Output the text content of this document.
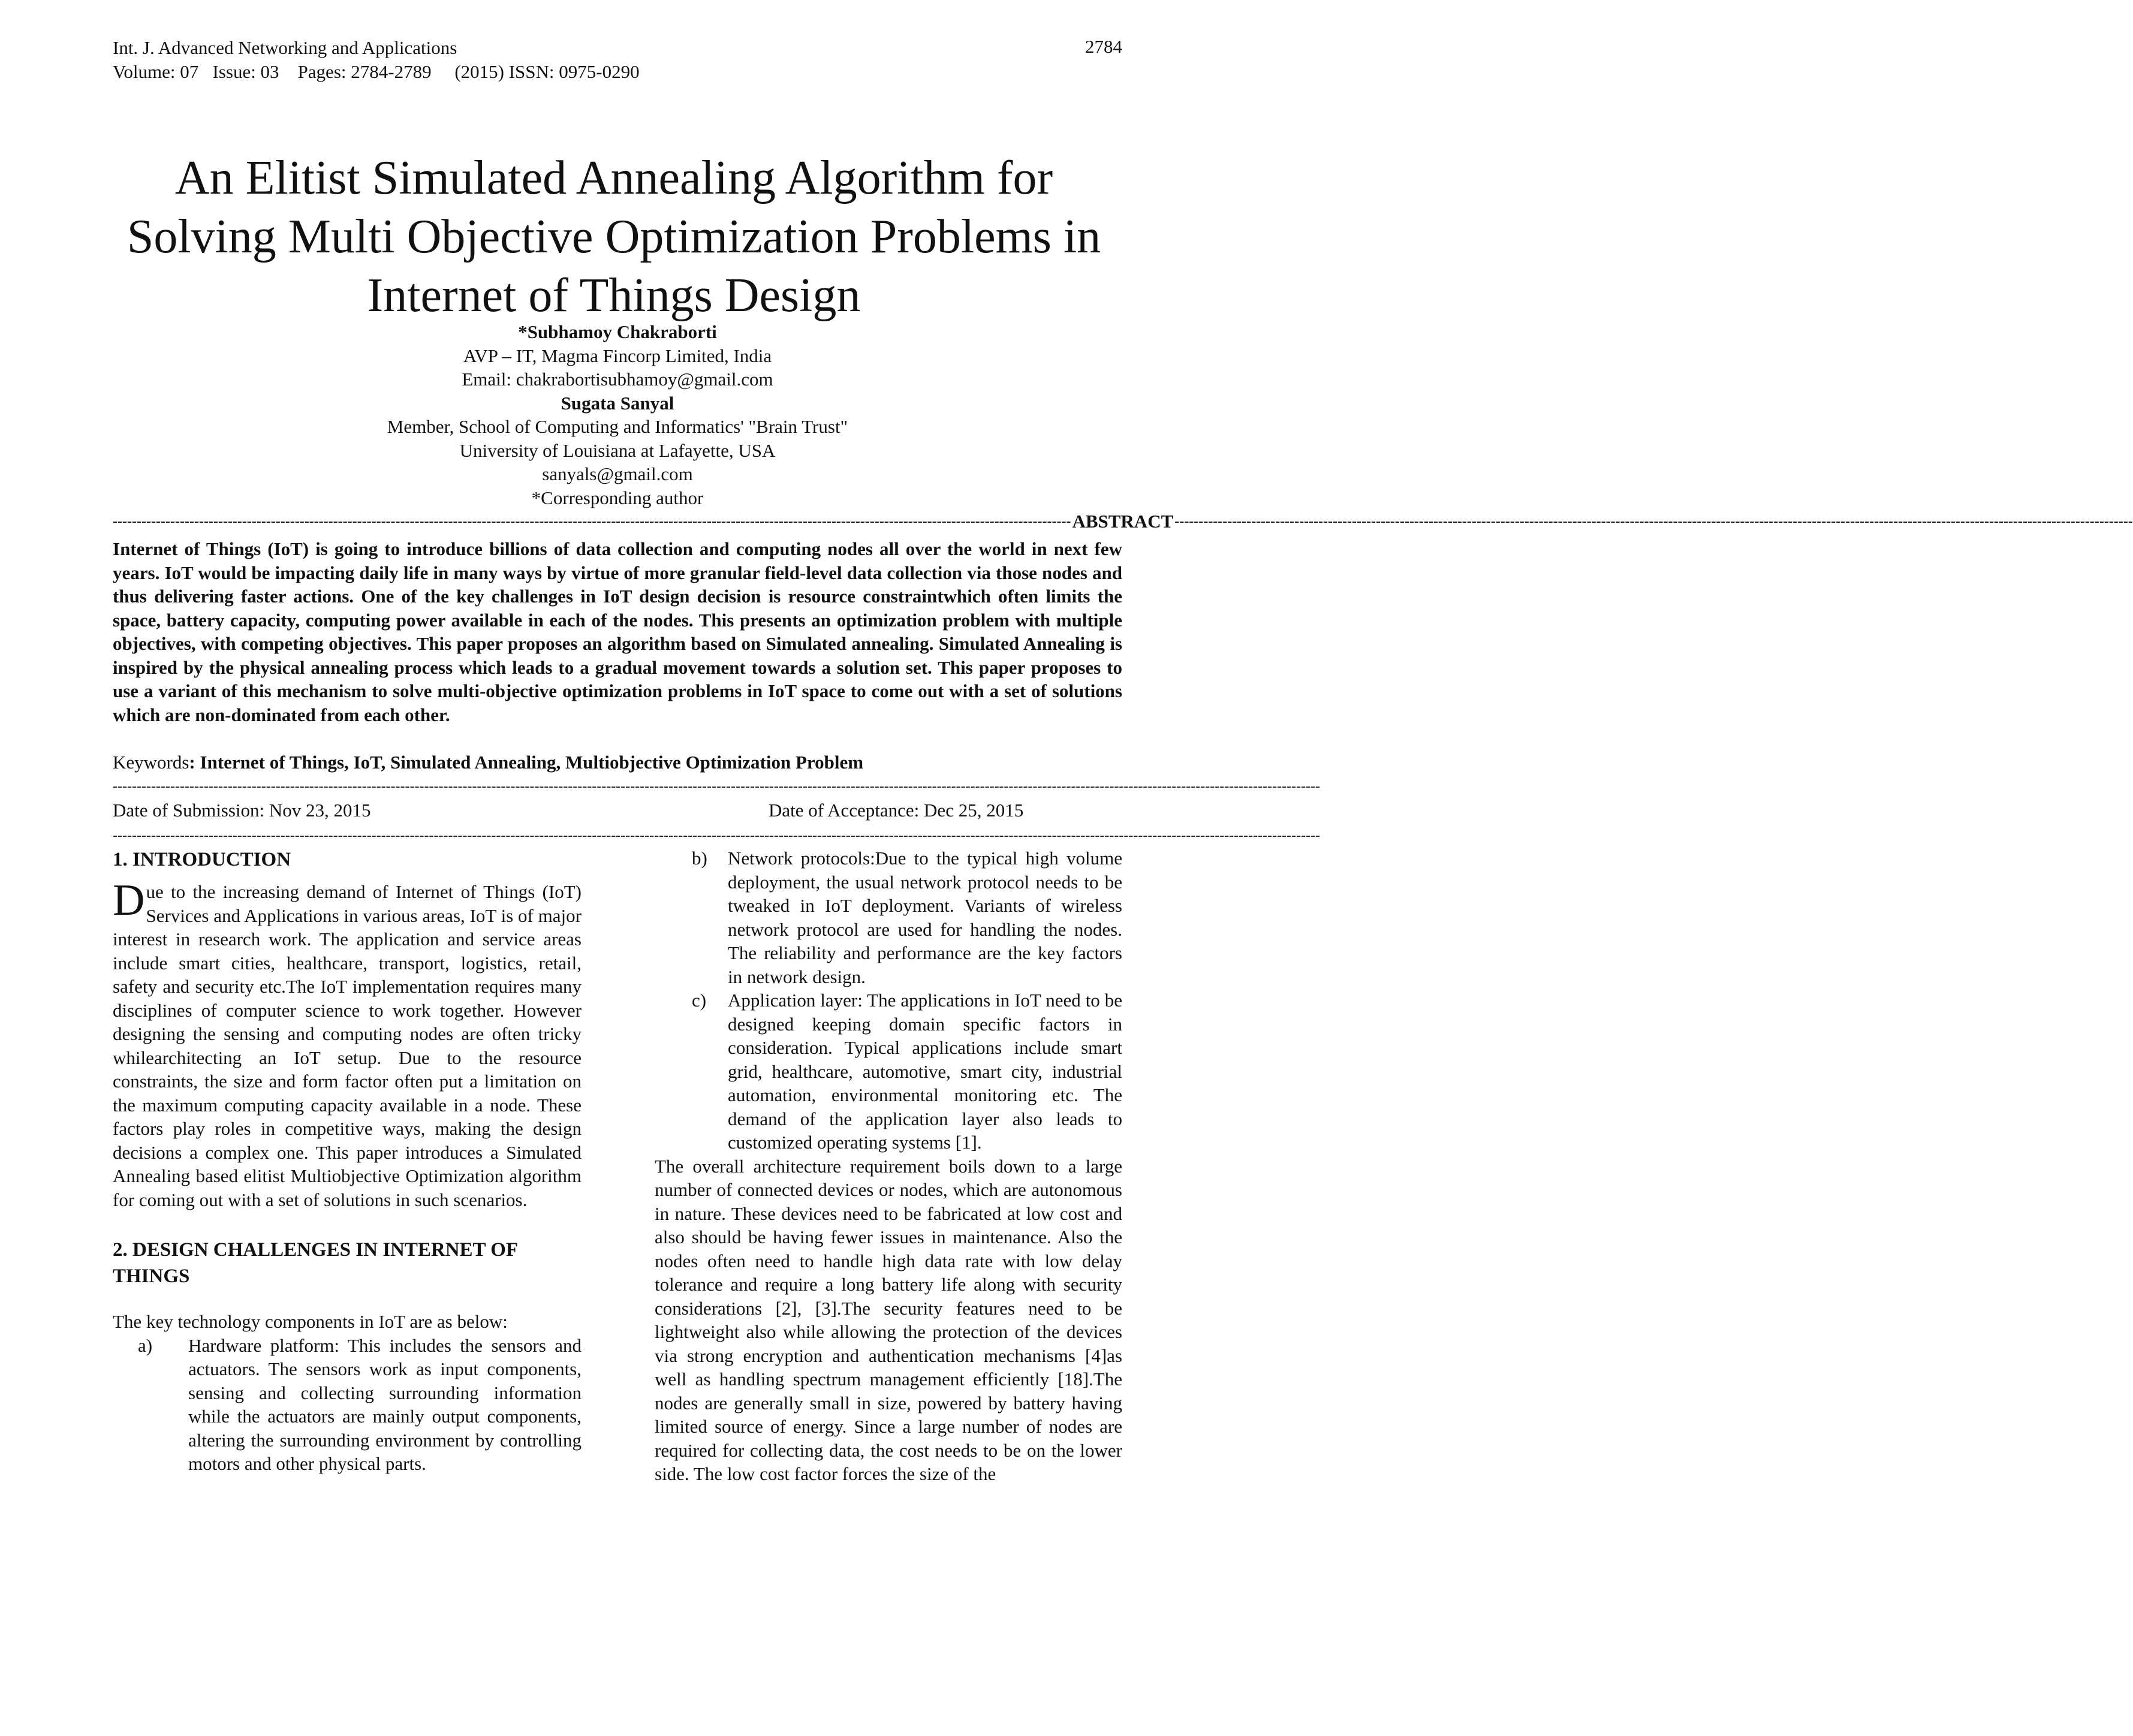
Int. J. Advanced Networking and Applications
Volume: 07   Issue: 03    Pages: 2784-2789     (2015) ISSN: 0975-0290
2784
An Elitist Simulated Annealing Algorithm for Solving Multi Objective Optimization Problems in Internet of Things Design
*Subhamoy Chakraborti
AVP – IT, Magma Fincorp Limited, India
Email: chakrabortisubhamoy@gmail.com
Sugata Sanyal
Member, School of Computing and Informatics' "Brain Trust"
University of Louisiana at Lafayette, USA
sanyals@gmail.com
*Corresponding author
-------------------------------------------------------------------------------------------------------------------------------------------------------------------------------------------------------- ABSTRACT --------------------------------------------------------------------------------------------------------------------------------------------------------------------------------------------------------
Internet of Things (IoT) is going to introduce billions of data collection and computing nodes all over the world in next few years. IoT would be impacting daily life in many ways by virtue of more granular field-level data collection via those nodes and thus delivering faster actions. One of the key challenges in IoT design decision is resource constraintwhich often limits the space, battery capacity, computing power available in each of the nodes. This presents an optimization problem with multiple objectives, with competing objectives. This paper proposes an algorithm based on Simulated annealing. Simulated Annealing is inspired by the physical annealing process which leads to a gradual movement towards a solution set. This paper proposes to use a variant of this mechanism to solve multi-objective optimization problems in IoT space to come out with a set of solutions which are non-dominated from each other.
Keywords: Internet of Things, IoT, Simulated Annealing, Multiobjective Optimization Problem
------------------------------------------------------------------------------------------------------------------------------------------------------------------------------------------------------------------------------------------------------------
Date of Submission: Nov 23, 2015	Date of Acceptance: Dec 25, 2015
------------------------------------------------------------------------------------------------------------------------------------------------------------------------------------------------------------------------------------------------------------
1. INTRODUCTION

Due to the increasing demand of Internet of Things (IoT) Services and Applications in various areas, IoT is of major interest in research work. The application and service areas include smart cities, healthcare, transport, logistics, retail, safety and security etc.The IoT implementation requires many disciplines of computer science to work together. However designing the sensing and computing nodes are often tricky whilearchitecting an IoT setup. Due to the resource constraints, the size and form factor often put a limitation on the maximum computing capacity available in a node. These factors play roles in competitive ways, making the design decisions a complex one. This paper introduces a Simulated Annealing based elitist Multiobjective Optimization algorithm for coming out with a set of solutions in such scenarios.

2. DESIGN CHALLENGES IN INTERNET OF THINGS

The key technology components in IoT are as below:

a) Hardware platform: This includes the sensors and actuators. The sensors work as input components, sensing and collecting surrounding information while the actuators are mainly output components, altering the surrounding environment by controlling motors and other physical parts.
b) Network protocols:Due to the typical high volume deployment, the usual network protocol needs to be tweaked in IoT deployment. Variants of wireless network protocol are used for handling the nodes. The reliability and performance are the key factors in network design.
c) Application layer: The applications in IoT need to be designed keeping domain specific factors in consideration. Typical applications include smart grid, healthcare, automotive, smart city, industrial automation, environmental monitoring etc. The demand of the application layer also leads to customized operating systems [1].

The overall architecture requirement boils down to a large number of connected devices or nodes, which are autonomous in nature. These devices need to be fabricated at low cost and also should be having fewer issues in maintenance. Also the nodes often need to handle high data rate with low delay tolerance and require a long battery life along with security considerations [2], [3].The security features need to be lightweight also while allowing the protection of the devices via strong encryption and authentication mechanisms [4]as well as handling spectrum management efficiently [18].The nodes are generally small in size, powered by battery having limited source of energy. Since a large number of nodes are required for collecting data, the cost needs to be on the lower side. The low cost factor forces the size of the
